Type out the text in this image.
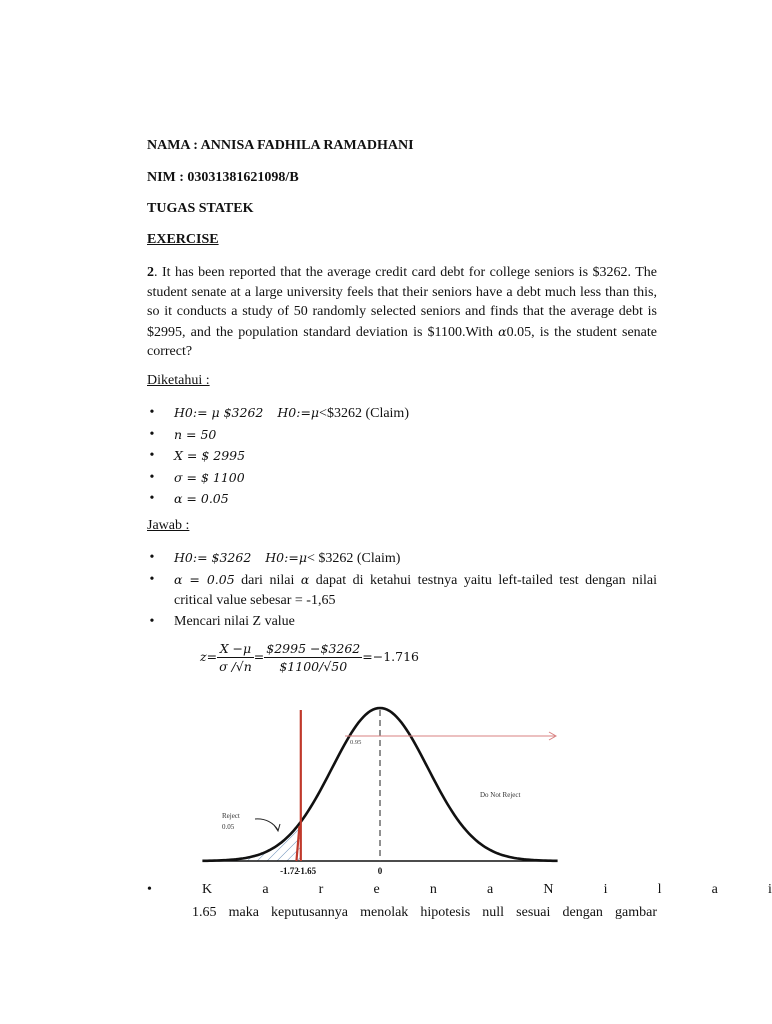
NAMA : ANNISA FADHILA RAMADHANI
NIM : 03031381621098/B
TUGAS STATEK
EXERCISE
2. It has been reported that the average credit card debt for college seniors is $3262. The student senate at a large university feels that their seniors have a debt much less than this, so it conducts a study of 50 randomly selected seniors and finds that the average debt is $2995, and the population standard deviation is $1100.With α0.05, is the student senate correct?
Diketahui :
• H0:= μ $3262 H0:=μ<$3262 (Claim)
• n = 50
• X = $ 2995
• σ = $ 1100
• α = 0.05
Jawab :
• H0:= $3262 H0:=μ< $3262 (Claim)
• α = 0.05 dari nilai α dapat di ketahui testnya yaitu left-tailed test dengan nilai critical value sebesar = -1,65
• Mencari nilai Z value
$z= \frac{X -\mu}{\sigma /√n} = \frac{\$2995 -\$3262}{\$1100/√50} =-1.716$
0.95
Do Not Reject
Reject
0.05
-1.72
-1.65	0
•	K	a	r	e	n	a	N	i	l	a	i
1.65 maka keputusannya menolak hipotesis null sesuai dengan gambar
